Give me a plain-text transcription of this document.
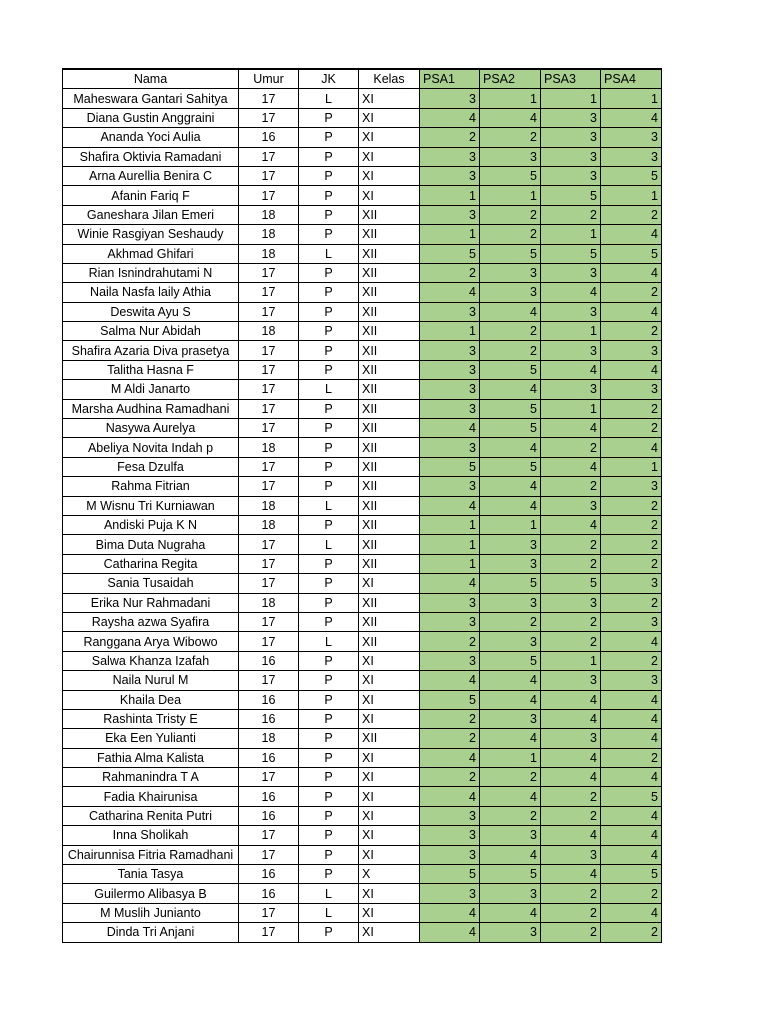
Nama	Umur	JK	Kelas	PSA1	PSA2	PSA3	PSA4
Maheswara Gantari Sahitya	17	L	XI	3	1	1	1
Diana Gustin Anggraini	17	P	XI	4	4	3	4
Ananda Yoci Aulia	16	P	XI	2	2	3	3
Shafira Oktivia Ramadani	17	P	XI	3	3	3	3
Arna Aurellia Benira C	17	P	XI	3	5	3	5
Afanin Fariq F	17	P	XI	1	1	5	1
Ganeshara Jilan Emeri	18	P	XII	3	2	2	2
Winie Rasgiyan Seshaudy	18	P	XII	1	2	1	4
Akhmad Ghifari	18	L	XII	5	5	5	5
Rian Isnindrahutami N	17	P	XII	2	3	3	4
Naila Nasfa laily Athia	17	P	XII	4	3	4	2
Deswita Ayu S	17	P	XII	3	4	3	4
Salma Nur Abidah	18	P	XII	1	2	1	2
Shafira Azaria Diva prasetya	17	P	XII	3	2	3	3
Talitha Hasna F	17	P	XII	3	5	4	4
M Aldi Janarto	17	L	XII	3	4	3	3
Marsha Audhina Ramadhani	17	P	XII	3	5	1	2
Nasywa Aurelya	17	P	XII	4	5	4	2
Abeliya Novita Indah p	18	P	XII	3	4	2	4
Fesa Dzulfa	17	P	XII	5	5	4	1
Rahma Fitrian	17	P	XII	3	4	2	3
M Wisnu Tri Kurniawan	18	L	XII	4	4	3	2
Andiski Puja K N	18	P	XII	1	1	4	2
Bima Duta Nugraha	17	L	XII	1	3	2	2
Catharina Regita	17	P	XII	1	3	2	2
Sania Tusaidah	17	P	XI	4	5	5	3
Erika Nur Rahmadani	18	P	XII	3	3	3	2
Raysha azwa Syafira	17	P	XII	3	2	2	3
Ranggana Arya Wibowo	17	L	XII	2	3	2	4
Salwa Khanza Izafah	16	P	XI	3	5	1	2
Naila Nurul M	17	P	XI	4	4	3	3
Khaila Dea	16	P	XI	5	4	4	4
Rashinta Tristy E	16	P	XI	2	3	4	4
Eka Een Yulianti	18	P	XII	2	4	3	4
Fathia Alma Kalista	16	P	XI	4	1	4	2
Rahmanindra T A	17	P	XI	2	2	4	4
Fadia Khairunisa	16	P	XI	4	4	2	5
Catharina Renita Putri	16	P	XI	3	2	2	4
Inna Sholikah	17	P	XI	3	3	4	4
Chairunnisa Fitria Ramadhani	17	P	XI	3	4	3	4
Tania Tasya	16	P	X	5	5	4	5
Guilermo Alibasya B	16	L	XI	3	3	2	2
M Muslih Junianto	17	L	XI	4	4	2	4
Dinda Tri Anjani	17	P	XI	4	3	2	2
